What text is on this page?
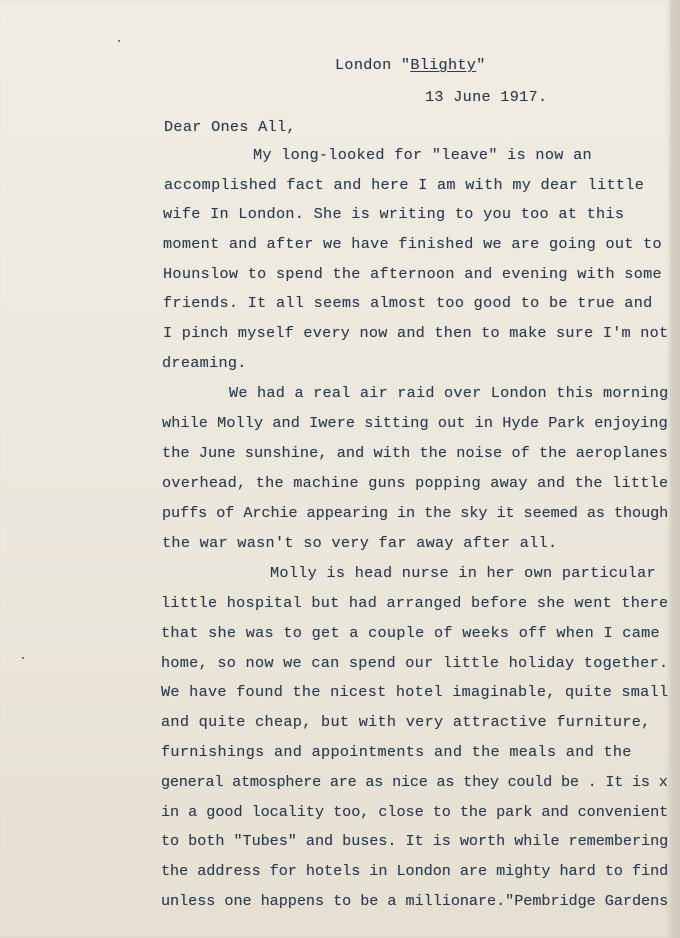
London "Blighty"
13 June 1917.
Dear Ones All,
My long-looked for "leave" is now an
accomplished fact and here I am with my dear little
wife In London. She is writing to you too at this
moment and after we have finished we are going out to
Hounslow to spend the afternoon and evening with some
friends. It all seems almost too good to be true and
I pinch myself every now and then to make sure I'm not
dreaming.
We had a real air raid over London this morning
while Molly and Iwere sitting out in Hyde Park enjoying
the June sunshine, and with the noise of the aeroplanes
overhead, the machine guns popping away and the little
puffs of Archie appearing in the sky it seemed as though
the war wasn't so very far away after all.
Molly is head nurse in her own particular
little hospital but had arranged before she went there
that she was to get a couple of weeks off when I came
home, so now we can spend our little holiday together.
We have found the nicest hotel imaginable, quite small
and quite cheap, but with very attractive furniture,
furnishings and appointments and the meals and the
general atmosphere are as nice as they could be . It is x
in a good locality too, close to the park and convenient
to both "Tubes" and buses. It is worth while remembering
the address for hotels in London are mighty hard to find
unless one happens to be a millionare."Pembridge Gardens
